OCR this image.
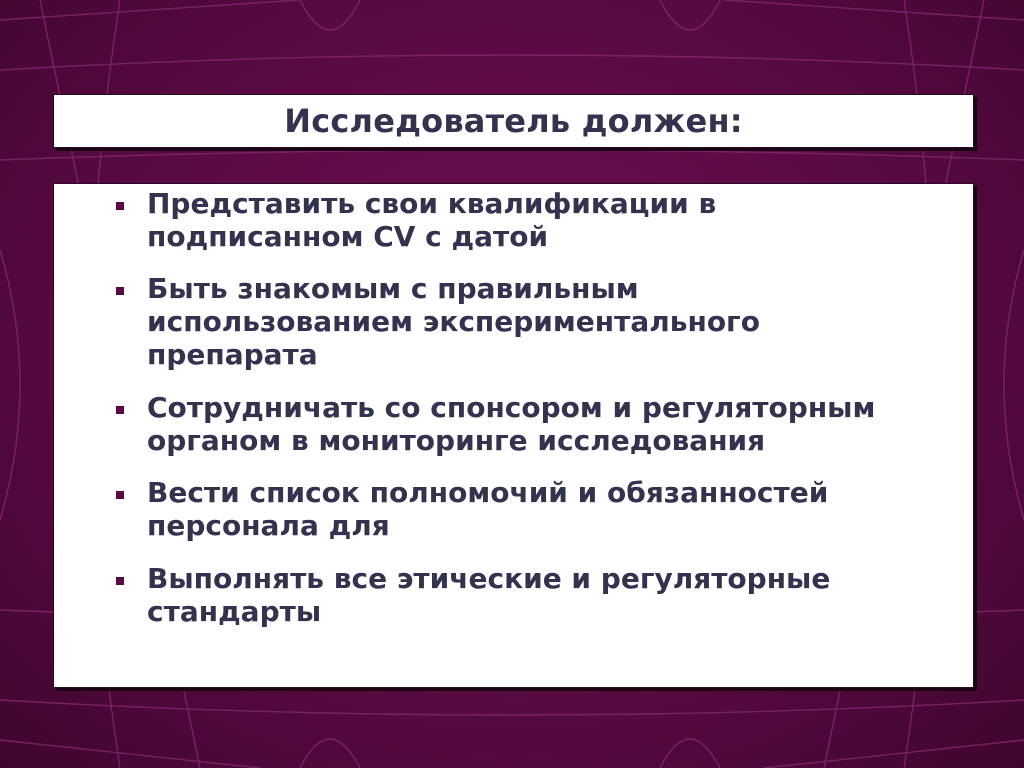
Исследователь должен:
Представить свои квалификации в
подписанном CV с датой
Быть знакомым с правильным
использованием экспериментального
препарата
Сотрудничать со спонсором и регуляторным
органом в мониторинге исследования
Вести список полномочий и обязанностей
персонала для
Выполнять все этические и регуляторные
стандарты
